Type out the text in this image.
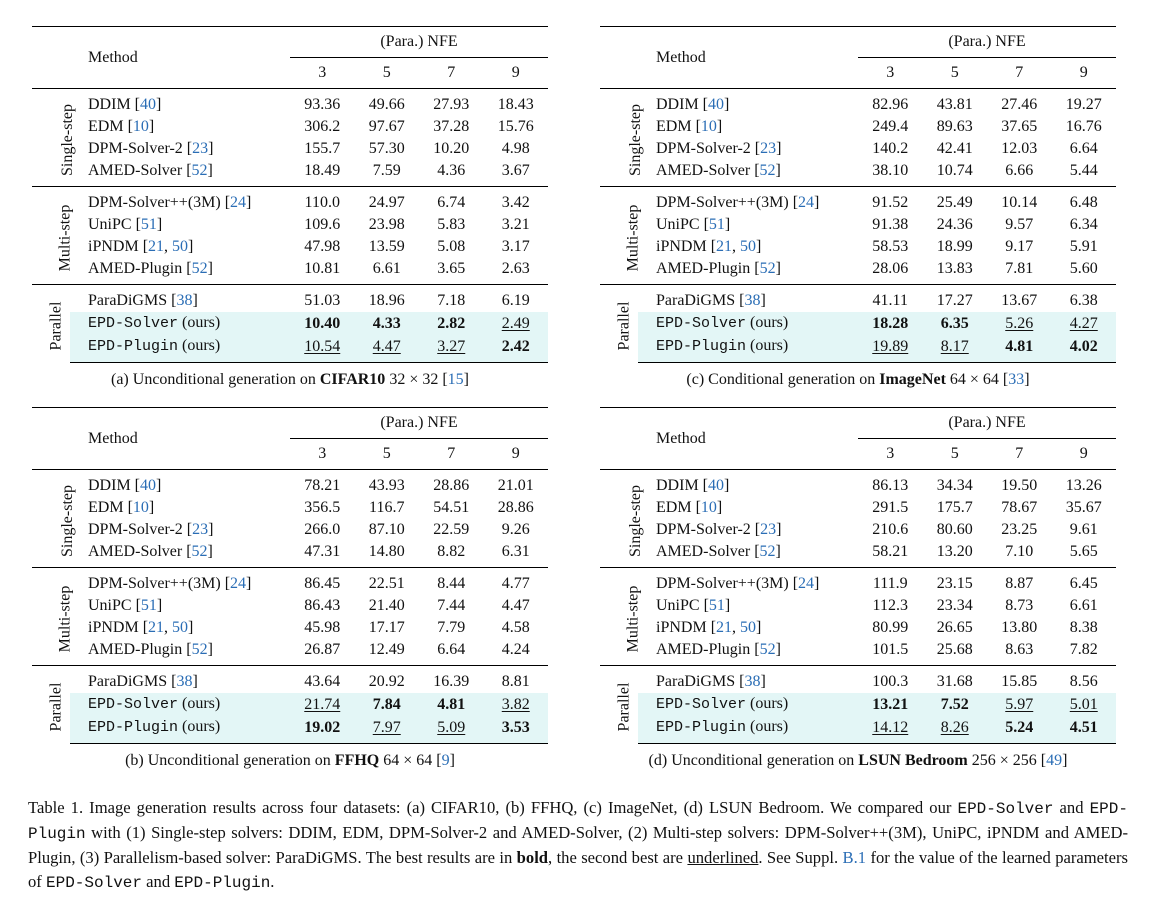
	Method	(Para.) NFE			
		3	5	7	9
Single-step	DDIM [40]	93.36	49.66	27.93	18.43
	EDM [10]	306.2	97.67	37.28	15.76
	DPM-Solver-2 [23]	155.7	57.30	10.20	4.98
	AMED-Solver [52]	18.49	7.59	4.36	3.67
Multi-step	DPM-Solver++(3M) [24]	110.0	24.97	6.74	3.42
	UniPC [51]	109.6	23.98	5.83	3.21
	iPNDM [21, 50]	47.98	13.59	5.08	3.17
	AMED-Plugin [52]	10.81	6.61	3.65	2.63
Parallel	ParaDiGMS [38]	51.03	18.96	7.18	6.19
	EPD-Solver (ours)	10.40	4.33	2.82	2.49
	EPD-Plugin (ours)	10.54	4.47	3.27	2.42
(a) Unconditional generation on CIFAR10 32 × 32 [15]
	Method	(Para.) NFE			
		3	5	7	9
Single-step	DDIM [40]	82.96	43.81	27.46	19.27
	EDM [10]	249.4	89.63	37.65	16.76
	DPM-Solver-2 [23]	140.2	42.41	12.03	6.64
	AMED-Solver [52]	38.10	10.74	6.66	5.44
Multi-step	DPM-Solver++(3M) [24]	91.52	25.49	10.14	6.48
	UniPC [51]	91.38	24.36	9.57	6.34
	iPNDM [21, 50]	58.53	18.99	9.17	5.91
	AMED-Plugin [52]	28.06	13.83	7.81	5.60
Parallel	ParaDiGMS [38]	41.11	17.27	13.67	6.38
	EPD-Solver (ours)	18.28	6.35	5.26	4.27
	EPD-Plugin (ours)	19.89	8.17	4.81	4.02
(c) Conditional generation on ImageNet 64 × 64 [33]
	Method	(Para.) NFE			
		3	5	7	9
Single-step	DDIM [40]	78.21	43.93	28.86	21.01
	EDM [10]	356.5	116.7	54.51	28.86
	DPM-Solver-2 [23]	266.0	87.10	22.59	9.26
	AMED-Solver [52]	47.31	14.80	8.82	6.31
Multi-step	DPM-Solver++(3M) [24]	86.45	22.51	8.44	4.77
	UniPC [51]	86.43	21.40	7.44	4.47
	iPNDM [21, 50]	45.98	17.17	7.79	4.58
	AMED-Plugin [52]	26.87	12.49	6.64	4.24
Parallel	ParaDiGMS [38]	43.64	20.92	16.39	8.81
	EPD-Solver (ours)	21.74	7.84	4.81	3.82
	EPD-Plugin (ours)	19.02	7.97	5.09	3.53
(b) Unconditional generation on FFHQ 64 × 64 [9]
	Method	(Para.) NFE			
		3	5	7	9
Single-step	DDIM [40]	86.13	34.34	19.50	13.26
	EDM [10]	291.5	175.7	78.67	35.67
	DPM-Solver-2 [23]	210.6	80.60	23.25	9.61
	AMED-Solver [52]	58.21	13.20	7.10	5.65
Multi-step	DPM-Solver++(3M) [24]	111.9	23.15	8.87	6.45
	UniPC [51]	112.3	23.34	8.73	6.61
	iPNDM [21, 50]	80.99	26.65	13.80	8.38
	AMED-Plugin [52]	101.5	25.68	8.63	7.82
Parallel	ParaDiGMS [38]	100.3	31.68	15.85	8.56
	EPD-Solver (ours)	13.21	7.52	5.97	5.01
	EPD-Plugin (ours)	14.12	8.26	5.24	4.51
(d) Unconditional generation on LSUN Bedroom 256 × 256 [49]
Table 1. Image generation results across four datasets: (a) CIFAR10, (b) FFHQ, (c) ImageNet, (d) LSUN Bedroom. We compared our EPD-Solver and EPD-Plugin with (1) Single-step solvers: DDIM, EDM, DPM-Solver-2 and AMED-Solver, (2) Multi-step solvers: DPM-Solver++(3M), UniPC, iPNDM and AMED-Plugin, (3) Parallelism-based solver: ParaDiGMS. The best results are in bold, the second best are underlined. See Suppl. B.1 for the value of the learned parameters of EPD-Solver and EPD-Plugin.
